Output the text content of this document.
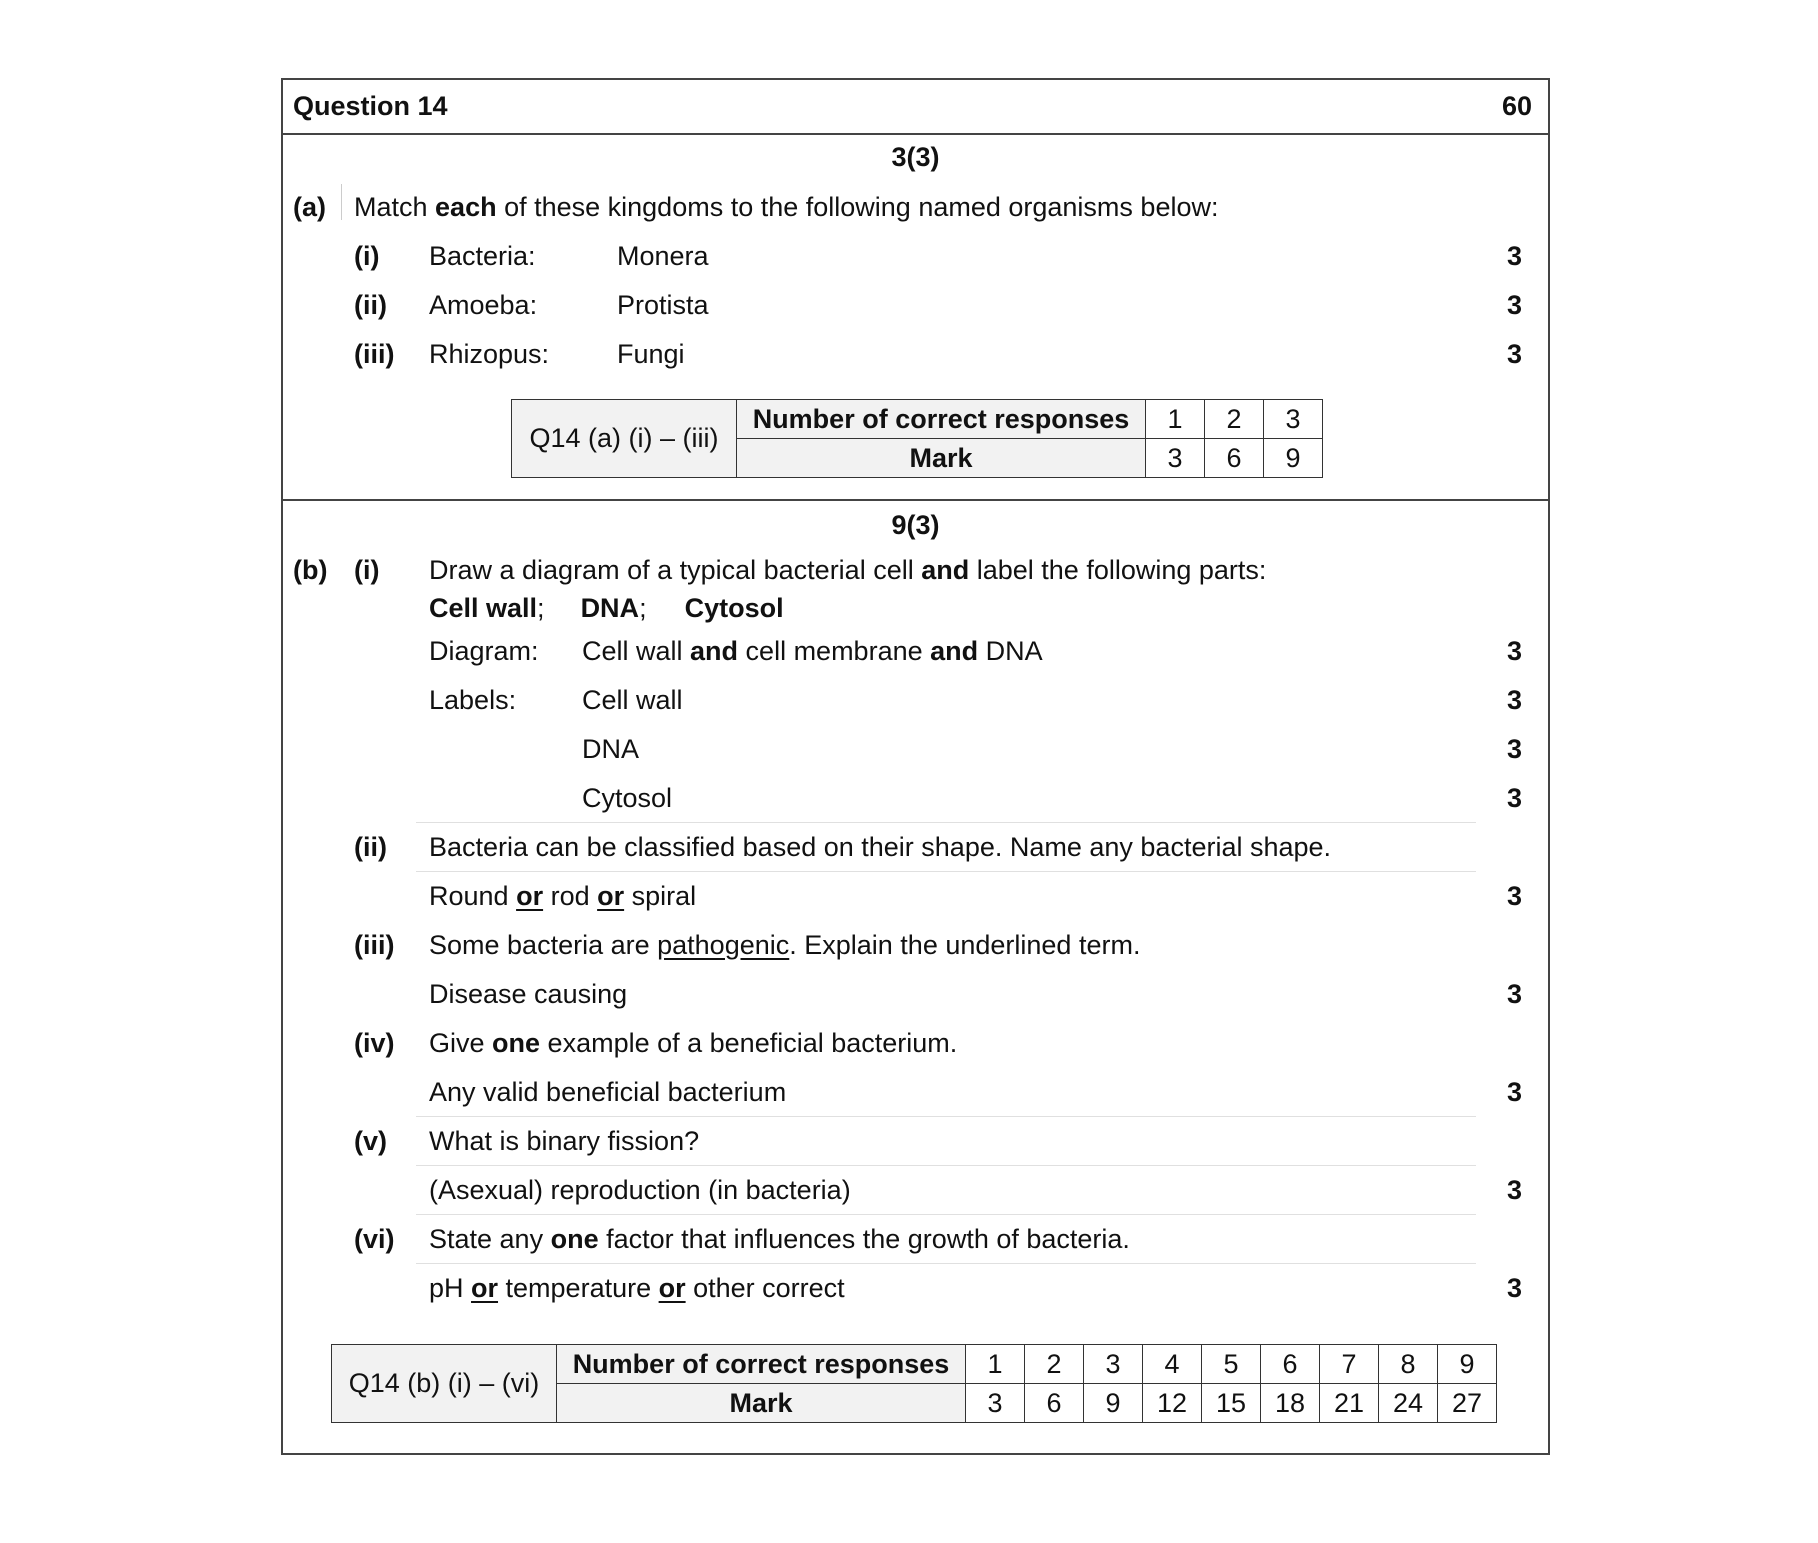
Question 14	60
3(3)
(a) Match each of these kingdoms to the following named organisms below:
(i) Bacteria:	Monera	3
(ii) Amoeba:	Protista	3
(iii) Rhizopus:	Fungi	3
Q14 (a) (i) – (iii)	Number of correct responses	1	2	3
	Mark	3	6	9
9(3)
(b) (i) Draw a diagram of a typical bacterial cell and label the following parts:
Cell wall; DNA; Cytosol
Diagram: Cell wall and cell membrane and DNA	3
Labels: Cell wall	3
DNA	3
Cytosol	3
(ii) Bacteria can be classified based on their shape. Name any bacterial shape.
Round or rod or spiral	3
(iii) Some bacteria are pathogenic. Explain the underlined term.
Disease causing	3
(iv) Give one example of a beneficial bacterium.
Any valid beneficial bacterium	3
(v) What is binary fission?
(Asexual) reproduction (in bacteria)	3
(vi) State any one factor that influences the growth of bacteria.
pH or temperature or other correct	3
Q14 (b) (i) – (vi)	Number of correct responses	1	2	3	4	5	6	7	8	9
	Mark	3	6	9	12	15	18	21	24	27
